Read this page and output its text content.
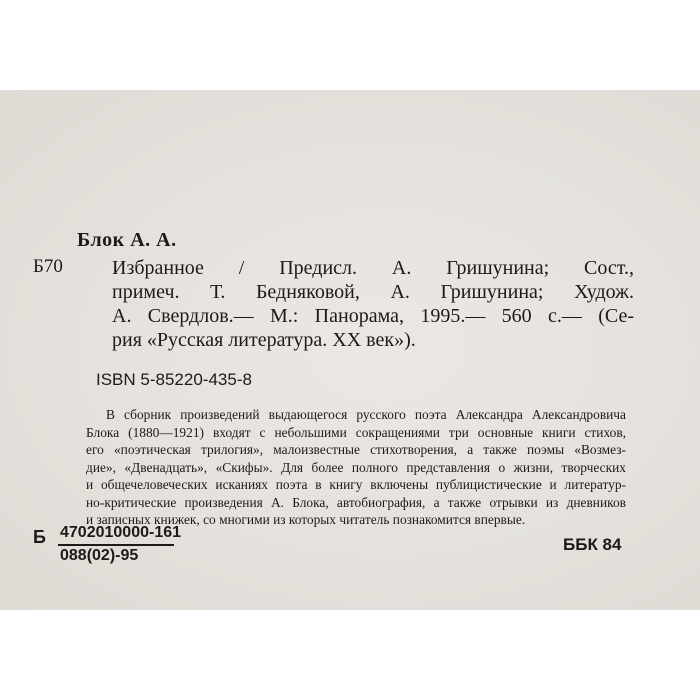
Блок А. А.
Б70 Избранное / Предисл. А. Гришунина; Сост.,
примеч. Т. Бедняковой, А. Гришунина; Худож.
А. Свердлов.— М.: Панорама, 1995.— 560 с.— (Се-
рия «Русская литература. XX век»).
ISBN 5-85220-435-8
В сборник произведений выдающегося русского поэта Александра Александровича
Блока (1880—1921) входят с небольшими сокращениями три основные книги стихов,
его «поэтическая трилогия», малоизвестные стихотворения, а также поэмы «Возмез-
дие», «Двенадцать», «Скифы». Для более полного представления о жизни, творческих
и общечеловеческих исканиях поэта в книгу включены публицистические и литератур-
но-критические произведения А. Блока, автобиография, а также отрывки из дневников
и записных книжек, со многими из которых читатель познакомится впервые.
Б 4702010000-161
088(02)-95
ББК 84
